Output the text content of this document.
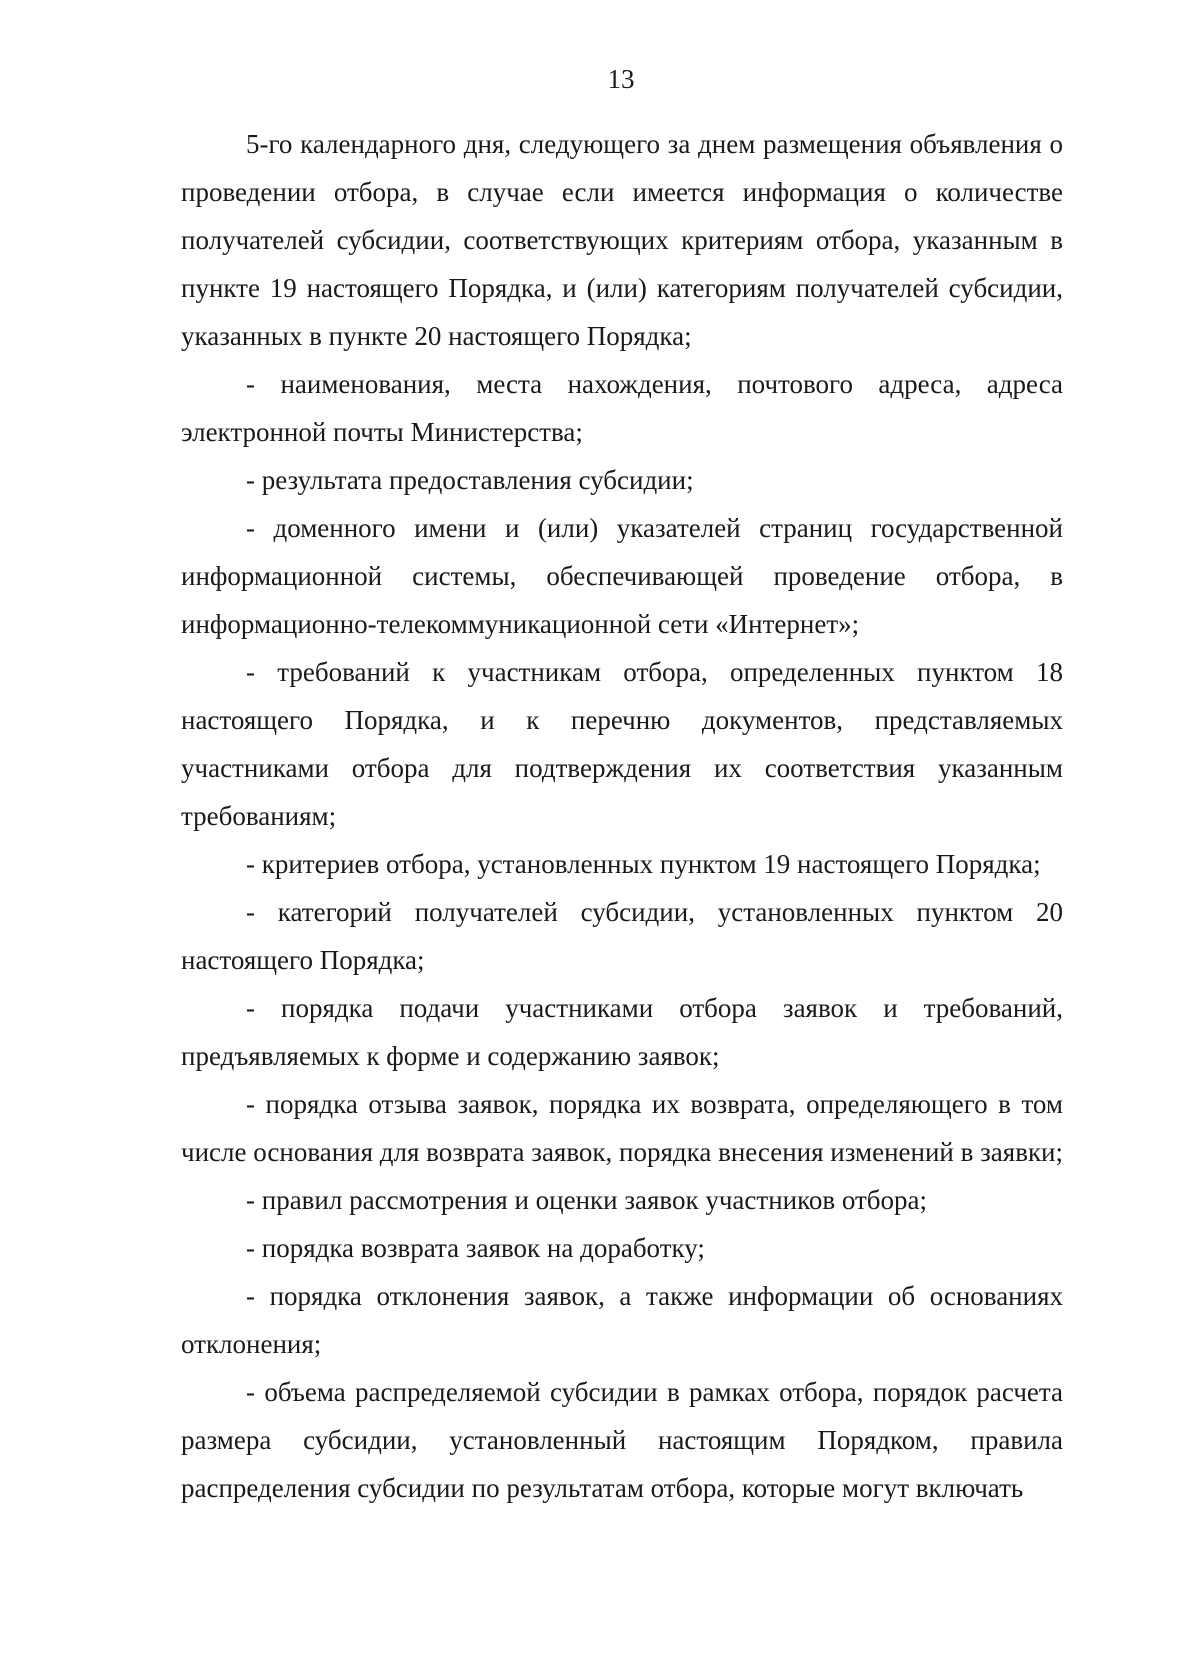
13

5-го календарного дня, следующего за днем размещения объявления о проведении отбора, в случае если имеется информация о количестве получателей субсидии, соответствующих критериям отбора, указанным в пункте 19 настоящего Порядка, и (или) категориям получателей субсидии, указанных в пункте 20 настоящего Порядка;

- наименования, места нахождения, почтового адреса, адреса электронной почты Министерства;

- результата предоставления субсидии;

- доменного имени и (или) указателей страниц государственной информационной системы, обеспечивающей проведение отбора, в информационно-телекоммуникационной сети «Интернет»;

- требований к участникам отбора, определенных пунктом 18 настоящего Порядка, и к перечню документов, представляемых участниками отбора для подтверждения их соответствия указанным требованиям;

- критериев отбора, установленных пунктом 19 настоящего Порядка;

- категорий получателей субсидии, установленных пунктом 20 настоящего Порядка;

- порядка подачи участниками отбора заявок и требований, предъявляемых к форме и содержанию заявок;

- порядка отзыва заявок, порядка их возврата, определяющего в том числе основания для возврата заявок, порядка внесения изменений в заявки;

- правил рассмотрения и оценки заявок участников отбора;

- порядка возврата заявок на доработку;

- порядка отклонения заявок, а также информации об основаниях отклонения;

- объема распределяемой субсидии в рамках отбора, порядок расчета размера субсидии, установленный настоящим Порядком, правила распределения субсидии по результатам отбора, которые могут включать
